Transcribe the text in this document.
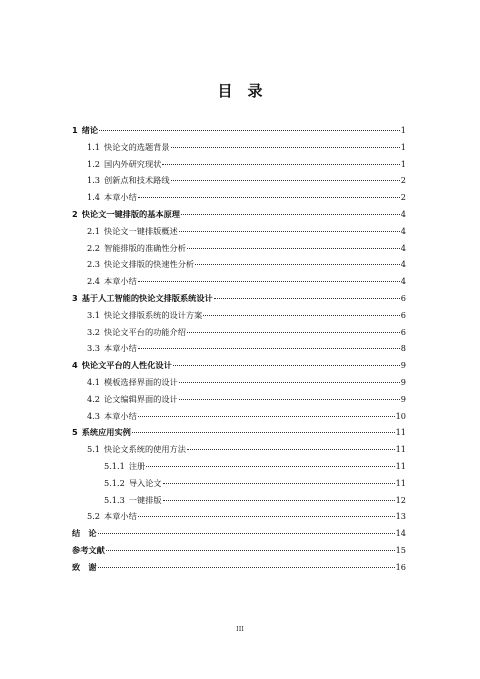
目　录
1 绪论	1
1.1 快论文的选题背景	1
1.2 国内外研究现状	1
1.3 创新点和技术路线	2
1.4 本章小结	2
2 快论文一键排版的基本原理	4
2.1 快论文一键排版概述	4
2.2 智能排版的准确性分析	4
2.3 快论文排版的快速性分析	4
2.4 本章小结	4
3 基于人工智能的快论文排版系统设计	6
3.1 快论文排版系统的设计方案	6
3.2 快论文平台的功能介绍	6
3.3 本章小结	8
4 快论文平台的人性化设计	9
4.1 模板选择界面的设计	9
4.2 论文编辑界面的设计	9
4.3 本章小结	10
5 系统应用实例	11
5.1 快论文系统的使用方法	11
5.1.1 注册	11
5.1.2 导入论文	11
5.1.3 一键排版	12
5.2 本章小结	13
结　论	14
参考文献	15
致　谢	16
III
